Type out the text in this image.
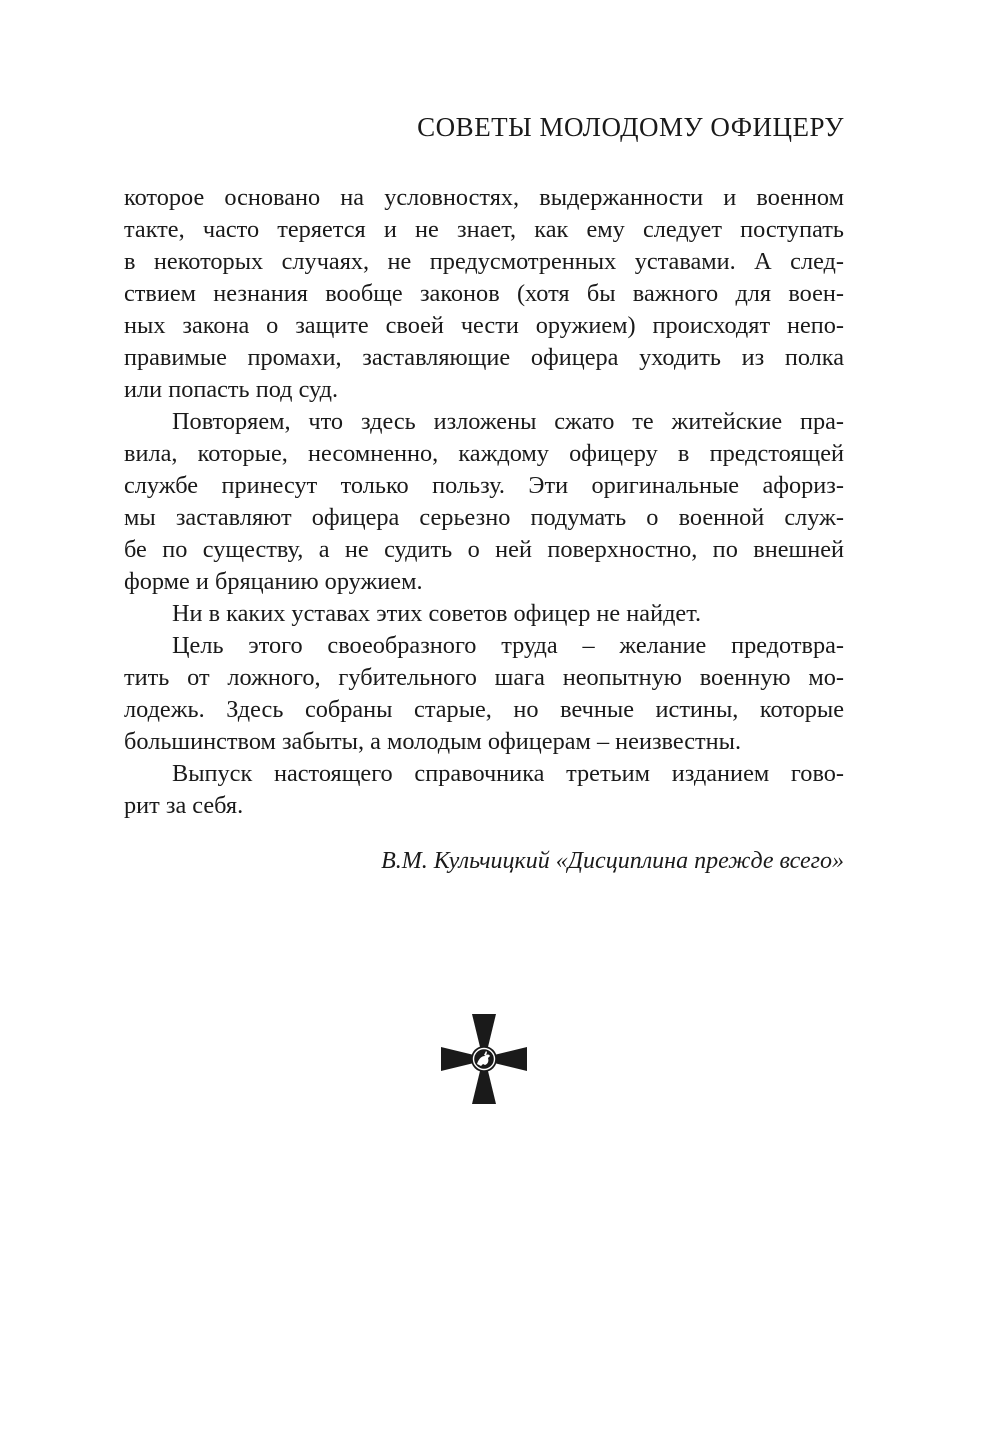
СОВЕТЫ МОЛОДОМУ ОФИЦЕРУ
которое основано на условностях, выдержанности и военном
такте, часто теряется и не знает, как ему следует поступать
в некоторых случаях, не предусмотренных уставами. А след-
ствием незнания вообще законов (хотя бы важного для воен-
ных закона о защите своей чести оружием) происходят непо-
правимые промахи, заставляющие офицера уходить из полка
или попасть под суд.
Повторяем, что здесь изложены сжато те житейские пра-
вила, которые, несомненно, каждому офицеру в предстоящей
службе принесут только пользу. Эти оригинальные афориз-
мы заставляют офицера серьезно подумать о военной служ-
бе по существу, а не судить о ней поверхностно, по внешней
форме и бряцанию оружием.
Ни в каких уставах этих советов офицер не найдет.
Цель этого своеобразного труда – желание предотвра-
тить от ложного, губительного шага неопытную военную мо-
лодежь. Здесь собраны старые, но вечные истины, которые
большинством забыты, а молодым офицерам – неизвестны.
Выпуск настоящего справочника третьим изданием гово-
рит за себя.
В.М. Кульчицкий «Дисциплина прежде всего»
